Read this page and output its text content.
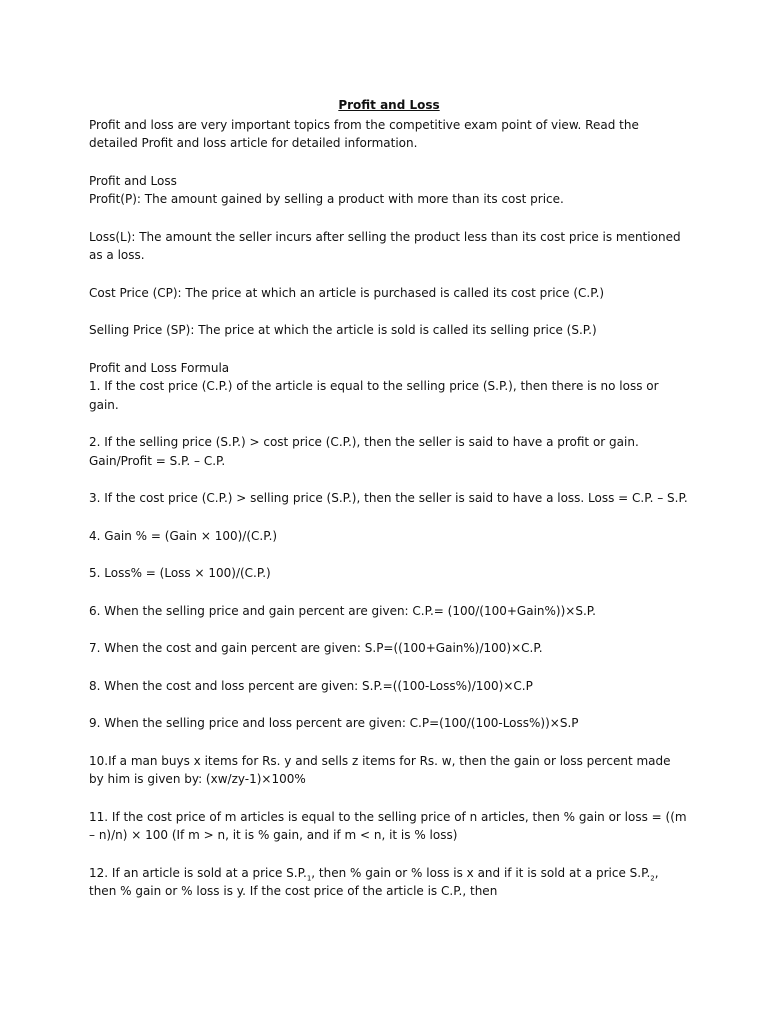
Profit and Loss

Profit and loss are very important topics from the competitive exam point of view. Read the detailed Profit and loss article for detailed information.

Profit and Loss

Profit(P): The amount gained by selling a product with more than its cost price.

Loss(L): The amount the seller incurs after selling the product less than its cost price is mentioned as a loss.

Cost Price (CP): The price at which an article is purchased is called its cost price (C.P.)

Selling Price (SP): The price at which the article is sold is called its selling price (S.P.)

Profit and Loss Formula

1. If the cost price (C.P.) of the article is equal to the selling price (S.P.), then there is no loss or gain.

2. If the selling price (S.P.) > cost price (C.P.), then the seller is said to have a profit or gain.

Gain/Profit = S.P. – C.P.

3. If the cost price (C.P.) > selling price (S.P.), then the seller is said to have a loss. Loss = C.P. – S.P.

4. Gain % = (Gain × 100)/(C.P.)

5. Loss% = (Loss × 100)/(C.P.)

6. When the selling price and gain percent are given: C.P.= (100/(100+Gain%))×S.P.

7. When the cost and gain percent are given: S.P=((100+Gain%)/100)×C.P.

8. When the cost and loss percent are given: S.P.=((100-Loss%)/100)×C.P

9. When the selling price and loss percent are given: C.P=(100/(100-Loss%))×S.P

10.If a man buys x items for Rs. y and sells z items for Rs. w, then the gain or loss percent made by him is given by: (xw/zy-1)×100%

11. If the cost price of m articles is equal to the selling price of n articles, then % gain or loss = ((m – n)/n) × 100 (If m > n, it is % gain, and if m < n, it is % loss)

12. If an article is sold at a price $S.P._1$, then % gain or % loss is x and if it is sold at a price $S.P._2$, then % gain or % loss is y. If the cost price of the article is C.P., then
